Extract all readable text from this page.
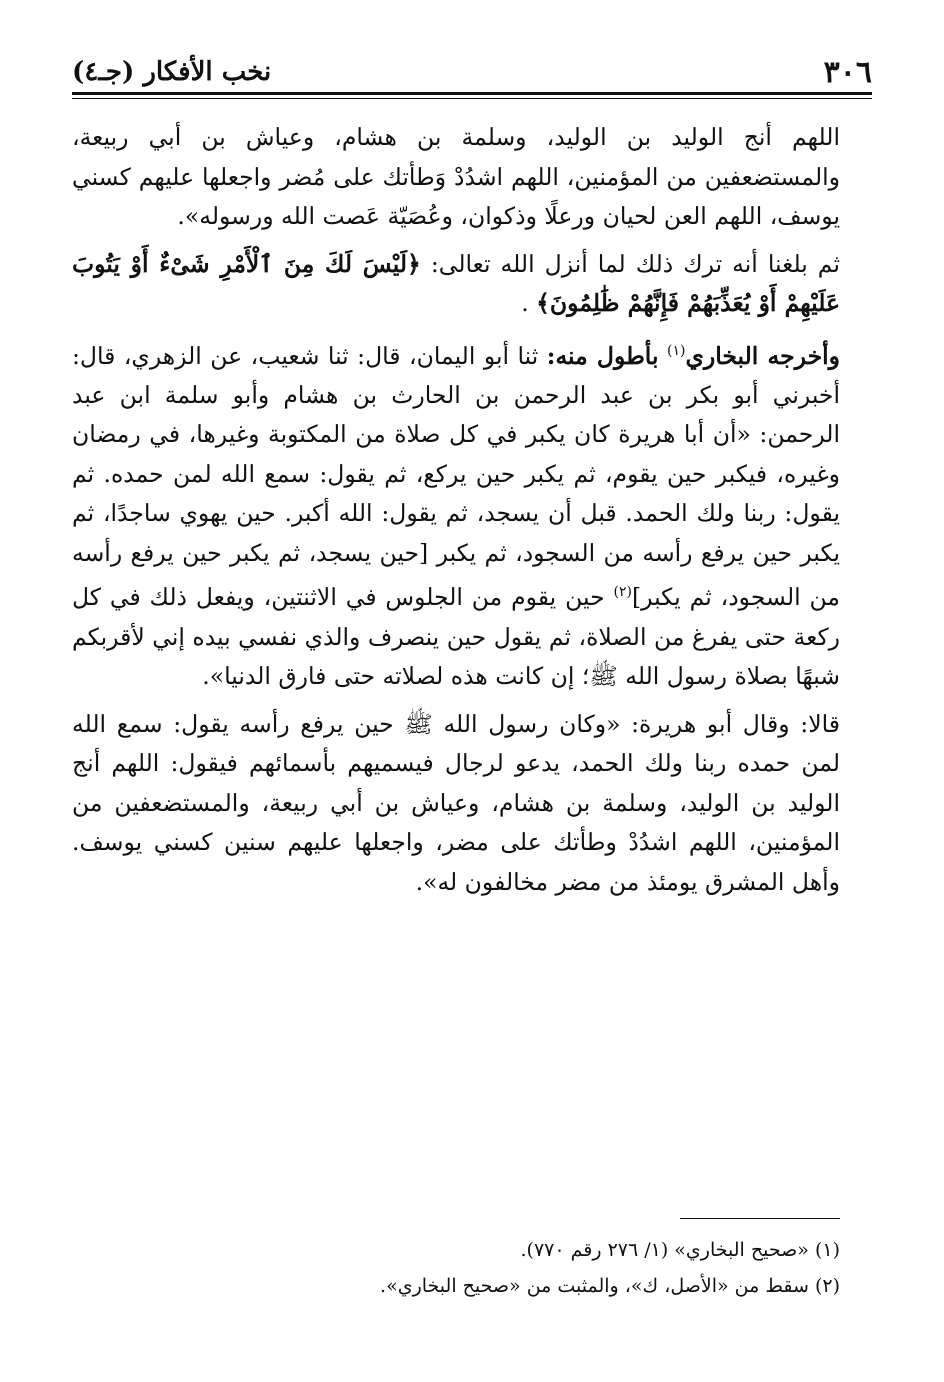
٣٠٦
نخب الأفكار (جـ٤)

اللهم أنج الوليد بن الوليد، وسلمة بن هشام، وعياش بن أبي ربيعة، والمستضعفين من المؤمنين، اللهم اشدُدْ وَطأتك على مُضر واجعلها عليهم كسني يوسف، اللهم العن لحيان ورعلًا وذكوان، وعُصَيّة عَصت الله ورسوله».

ثم بلغنا أنه ترك ذلك لما أنزل الله تعالى: ﴿لَيْسَ لَكَ مِنَ ٱلْأَمْرِ شَىْءٌ أَوْ يَتُوبَ عَلَيْهِمْ أَوْ يُعَذِّبَهُمْ فَإِنَّهُمْ ظَٰلِمُونَ﴾ .

وأخرجه البخاري$^{(١)}$ بأطول منه: ثنا أبو اليمان، قال: ثنا شعيب، عن الزهري، قال: أخبرني أبو بكر بن عبد الرحمن بن الحارث بن هشام وأبو سلمة ابن عبد الرحمن: «أن أبا هريرة كان يكبر في كل صلاة من المكتوبة وغيرها، في رمضان وغيره، فيكبر حين يقوم، ثم يكبر حين يركع، ثم يقول: سمع الله لمن حمده. ثم يقول: ربنا ولك الحمد. قبل أن يسجد، ثم يقول: الله أكبر. حين يهوي ساجدًا، ثم يكبر حين يرفع رأسه من السجود، ثم يكبر [حين يسجد، ثم يكبر حين يرفع رأسه من السجود، ثم يكبر]$^{(٢)}$ حين يقوم من الجلوس في الاثنتين، ويفعل ذلك في كل ركعة حتى يفرغ من الصلاة، ثم يقول حين ينصرف والذي نفسي بيده إني لأقربكم شبهًا بصلاة رسول الله ﷺ؛ إن كانت هذه لصلاته حتى فارق الدنيا».

قالا: وقال أبو هريرة: «وكان رسول الله ﷺ حين يرفع رأسه يقول: سمع الله لمن حمده ربنا ولك الحمد، يدعو لرجال فيسميهم بأسمائهم فيقول: اللهم أنج الوليد بن الوليد، وسلمة بن هشام، وعياش بن أبي ربيعة، والمستضعفين من المؤمنين، اللهم اشدُدْ وطأتك على مضر، واجعلها عليهم سنين كسني يوسف. وأهل المشرق يومئذ من مضر مخالفون له».

(١) «صحيح البخاري» (١/ ٢٧٦ رقم ٧٧٠).

(٢) سقط من «الأصل، ك»، والمثبت من «صحيح البخاري».
